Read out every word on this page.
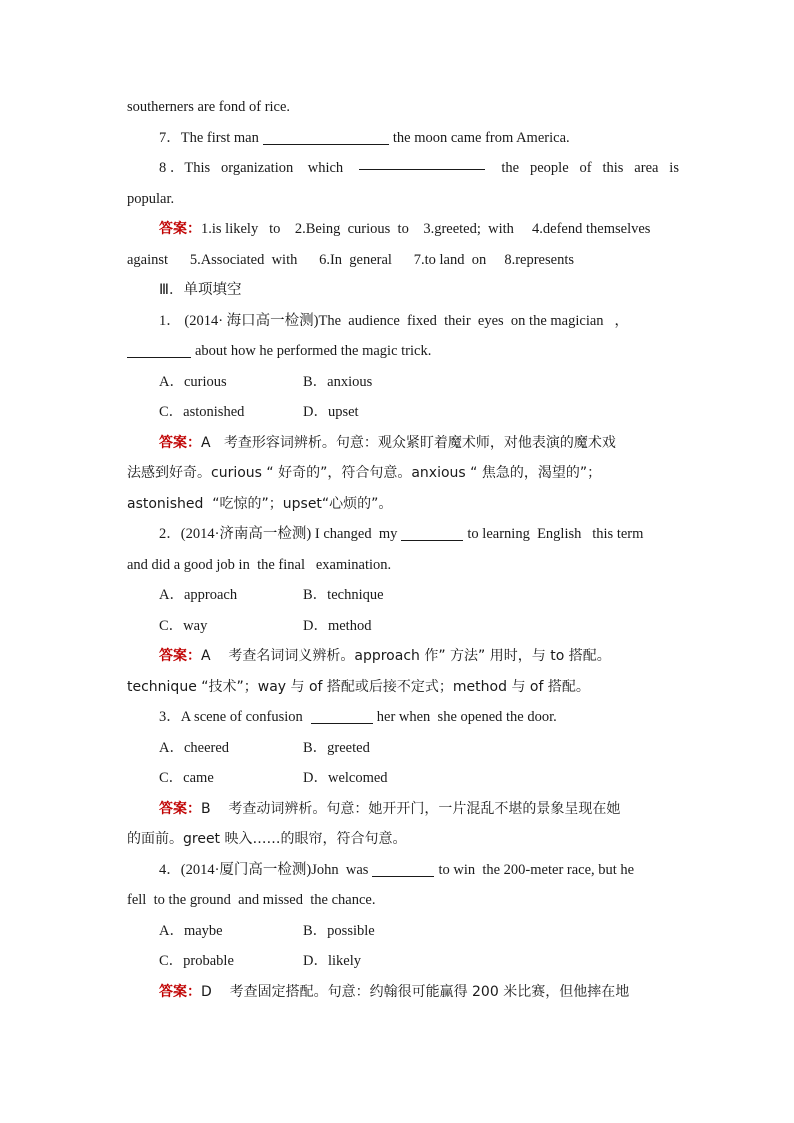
southerners are fond of rice.
7．The first man	the moon came from America.
8 ．This   organization    which	the   people   of   this   area   is
popular.
答案：1.is likely   to    2.Being  curious  to    3.greeted;  with     4.defend themselves
against      5.Associated  with      6.In  general      7.to land  on     8.represents
Ⅲ．单项填空
1． (2014· 海口高一检测)The  audience  fixed  their  eyes  on the magician   ，
about how he performed the magic trick.
A．curious	B．anxious
C．astonished	D．upset
答案：A   考查形容词辨析。句意：观众紧盯着魔术师，对他表演的魔术戏
法感到好奇。curious “ 好奇的”，符合句意。anxious “ 焦急的，渴望的”；
astonished  “吃惊的”；upset“心烦的”。
2．(2014·济南高一检测) I changed  my	to learning  English   this term
and did a good job in  the final   examination.
A．approach	B．technique
C．way	D．method
答案：A    考查名词词义辨析。approach 作” 方法” 用时，与 to 搭配。
technique “技术”；way 与 of 搭配或后接不定式；method 与 of 搭配。
3．A scene of confusion	her when  she opened the door.
A．cheered	B．greeted
C．came	D．welcomed
答案：B    考查动词辨析。句意：她开开门，一片混乱不堪的景象呈现在她
的面前。greet 映入……的眼帘，符合句意。
4．(2014·厦门高一检测)John  was	to win  the 200-meter race, but he
fell  to the ground  and missed  the chance.
A．maybe	B．possible
C．probable	D．likely
答案：D    考查固定搭配。句意：约翰很可能赢得 200 米比赛，但他摔在地
